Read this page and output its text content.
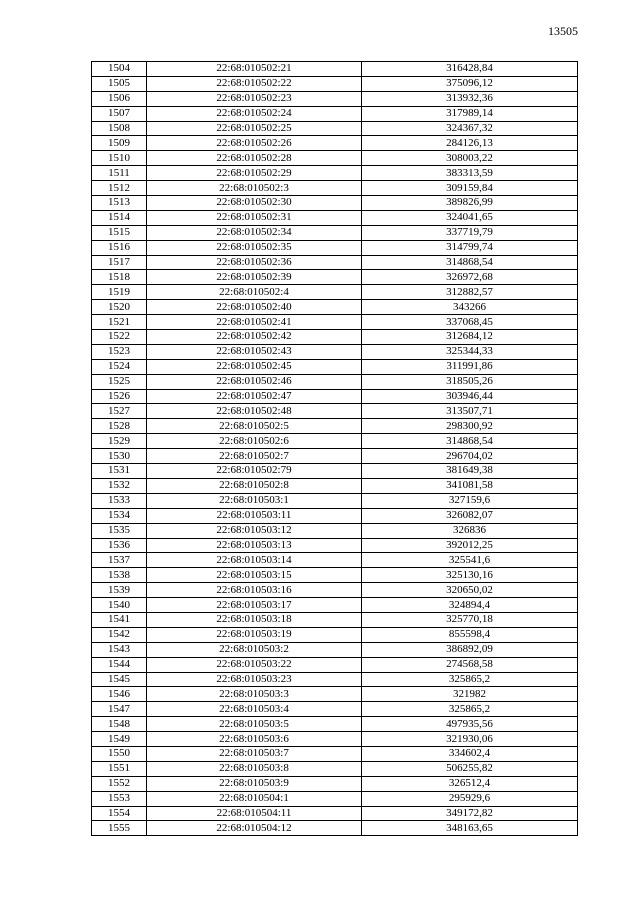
13505
1504	22:68:010502:21	316428,84
1505	22:68:010502:22	375096,12
1506	22:68:010502:23	313932,36
1507	22:68:010502:24	317989,14
1508	22:68:010502:25	324367,32
1509	22:68:010502:26	284126,13
1510	22:68:010502:28	308003,22
1511	22:68:010502:29	383313,59
1512	22:68:010502:3	309159,84
1513	22:68:010502:30	389826,99
1514	22:68:010502:31	324041,65
1515	22:68:010502:34	337719,79
1516	22:68:010502:35	314799,74
1517	22:68:010502:36	314868,54
1518	22:68:010502:39	326972,68
1519	22:68:010502:4	312882,57
1520	22:68:010502:40	343266
1521	22:68:010502:41	337068,45
1522	22:68:010502:42	312684,12
1523	22:68:010502:43	325344,33
1524	22:68:010502:45	311991,86
1525	22:68:010502:46	318505,26
1526	22:68:010502:47	303946,44
1527	22:68:010502:48	313507,71
1528	22:68:010502:5	298300,92
1529	22:68:010502:6	314868,54
1530	22:68:010502:7	296704,02
1531	22:68:010502:79	381649,38
1532	22:68:010502:8	341081,58
1533	22:68:010503:1	327159,6
1534	22:68:010503:11	326082,07
1535	22:68:010503:12	326836
1536	22:68:010503:13	392012,25
1537	22:68:010503:14	325541,6
1538	22:68:010503:15	325130,16
1539	22:68:010503:16	320650,02
1540	22:68:010503:17	324894,4
1541	22:68:010503:18	325770,18
1542	22:68:010503:19	855598,4
1543	22:68:010503:2	386892,09
1544	22:68:010503:22	274568,58
1545	22:68:010503:23	325865,2
1546	22:68:010503:3	321982
1547	22:68:010503:4	325865,2
1548	22:68:010503:5	497935,56
1549	22:68:010503:6	321930,06
1550	22:68:010503:7	334602,4
1551	22:68:010503:8	506255,82
1552	22:68:010503:9	326512,4
1553	22:68:010504:1	295929,6
1554	22:68:010504:11	349172,82
1555	22:68:010504:12	348163,65
